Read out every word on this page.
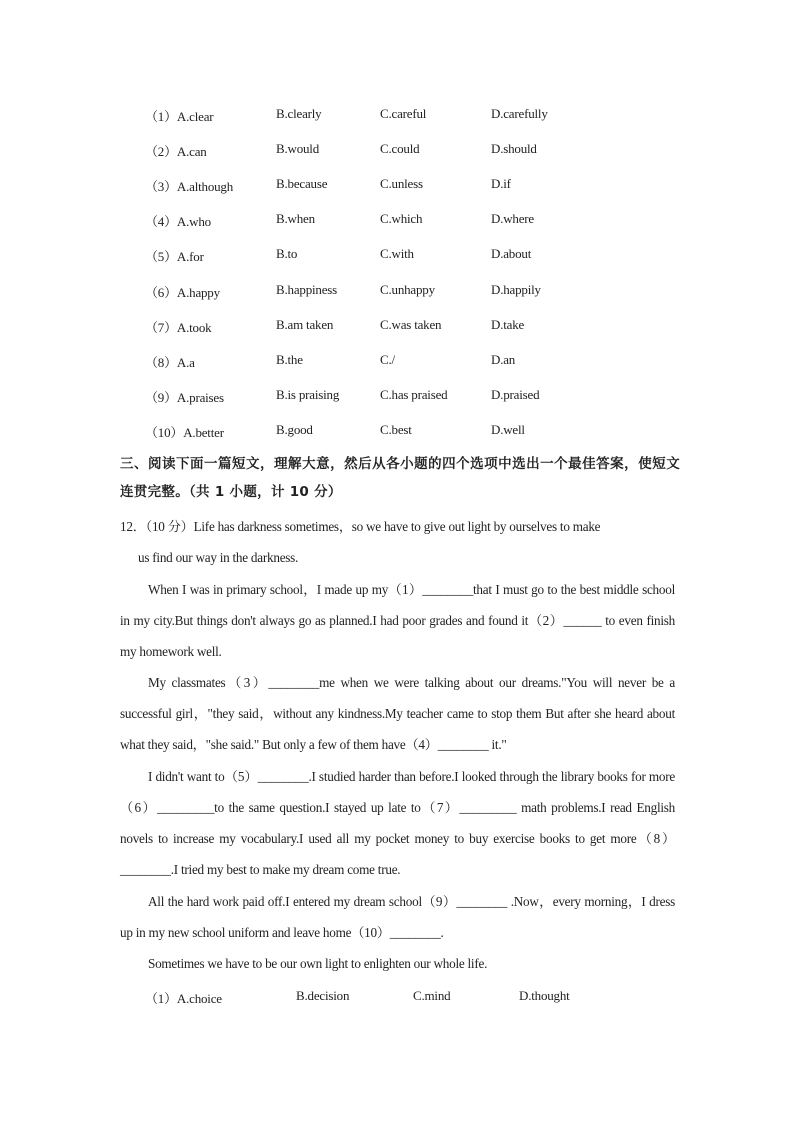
（1）A.clear	B.clearly	C.careful	D.carefully
（2）A.can	B.would	C.could	D.should
（3）A.although	B.because	C.unless	D.if
（4）A.who	B.when	C.which	D.where
（5）A.for	B.to	C.with	D.about
（6）A.happy	B.happiness	C.unhappy	D.happily
（7）A.took	B.am taken	C.was taken	D.take
（8）A.a	B.the	C./	D.an
（9）A.praises	B.is praising	C.has praised	D.praised
（10）A.better	B.good	C.best	D.well
三、阅读下面一篇短文，理解大意，然后从各小题的四个选项中选出一个最佳答案，使短文连贯完整。（共 1 小题，计 10 分）
12．（10 分）Life has darkness sometimes，so we have to give out light by ourselves to make
us find our way in the darkness.
When I was in primary school，I made up my（1）________that I must go to the best middle school in my city.But things don't always go as planned.I had poor grades and found it（2）______ to even finish my homework well.
My classmates（3）________me when we were talking about our dreams."You will never be a successful girl，"they said，without any kindness.My teacher came to stop them But after she heard about what they said，"she said." But only a few of them have（4）________ it."
I didn't want to（5）________.I studied harder than before.I looked through the library books for more（6）_________to the same question.I stayed up late to（7）_________ math problems.I read English novels to increase my vocabulary.I used all my pocket money to buy exercise books to get more（8）________.I tried my best to make my dream come true.
All the hard work paid off.I entered my dream school（9）________ .Now，every morning，I dress up in my new school uniform and leave home（10）________.
Sometimes we have to be our own light to enlighten our whole life.
（1）A.choice	B.decision	C.mind	D.thought
